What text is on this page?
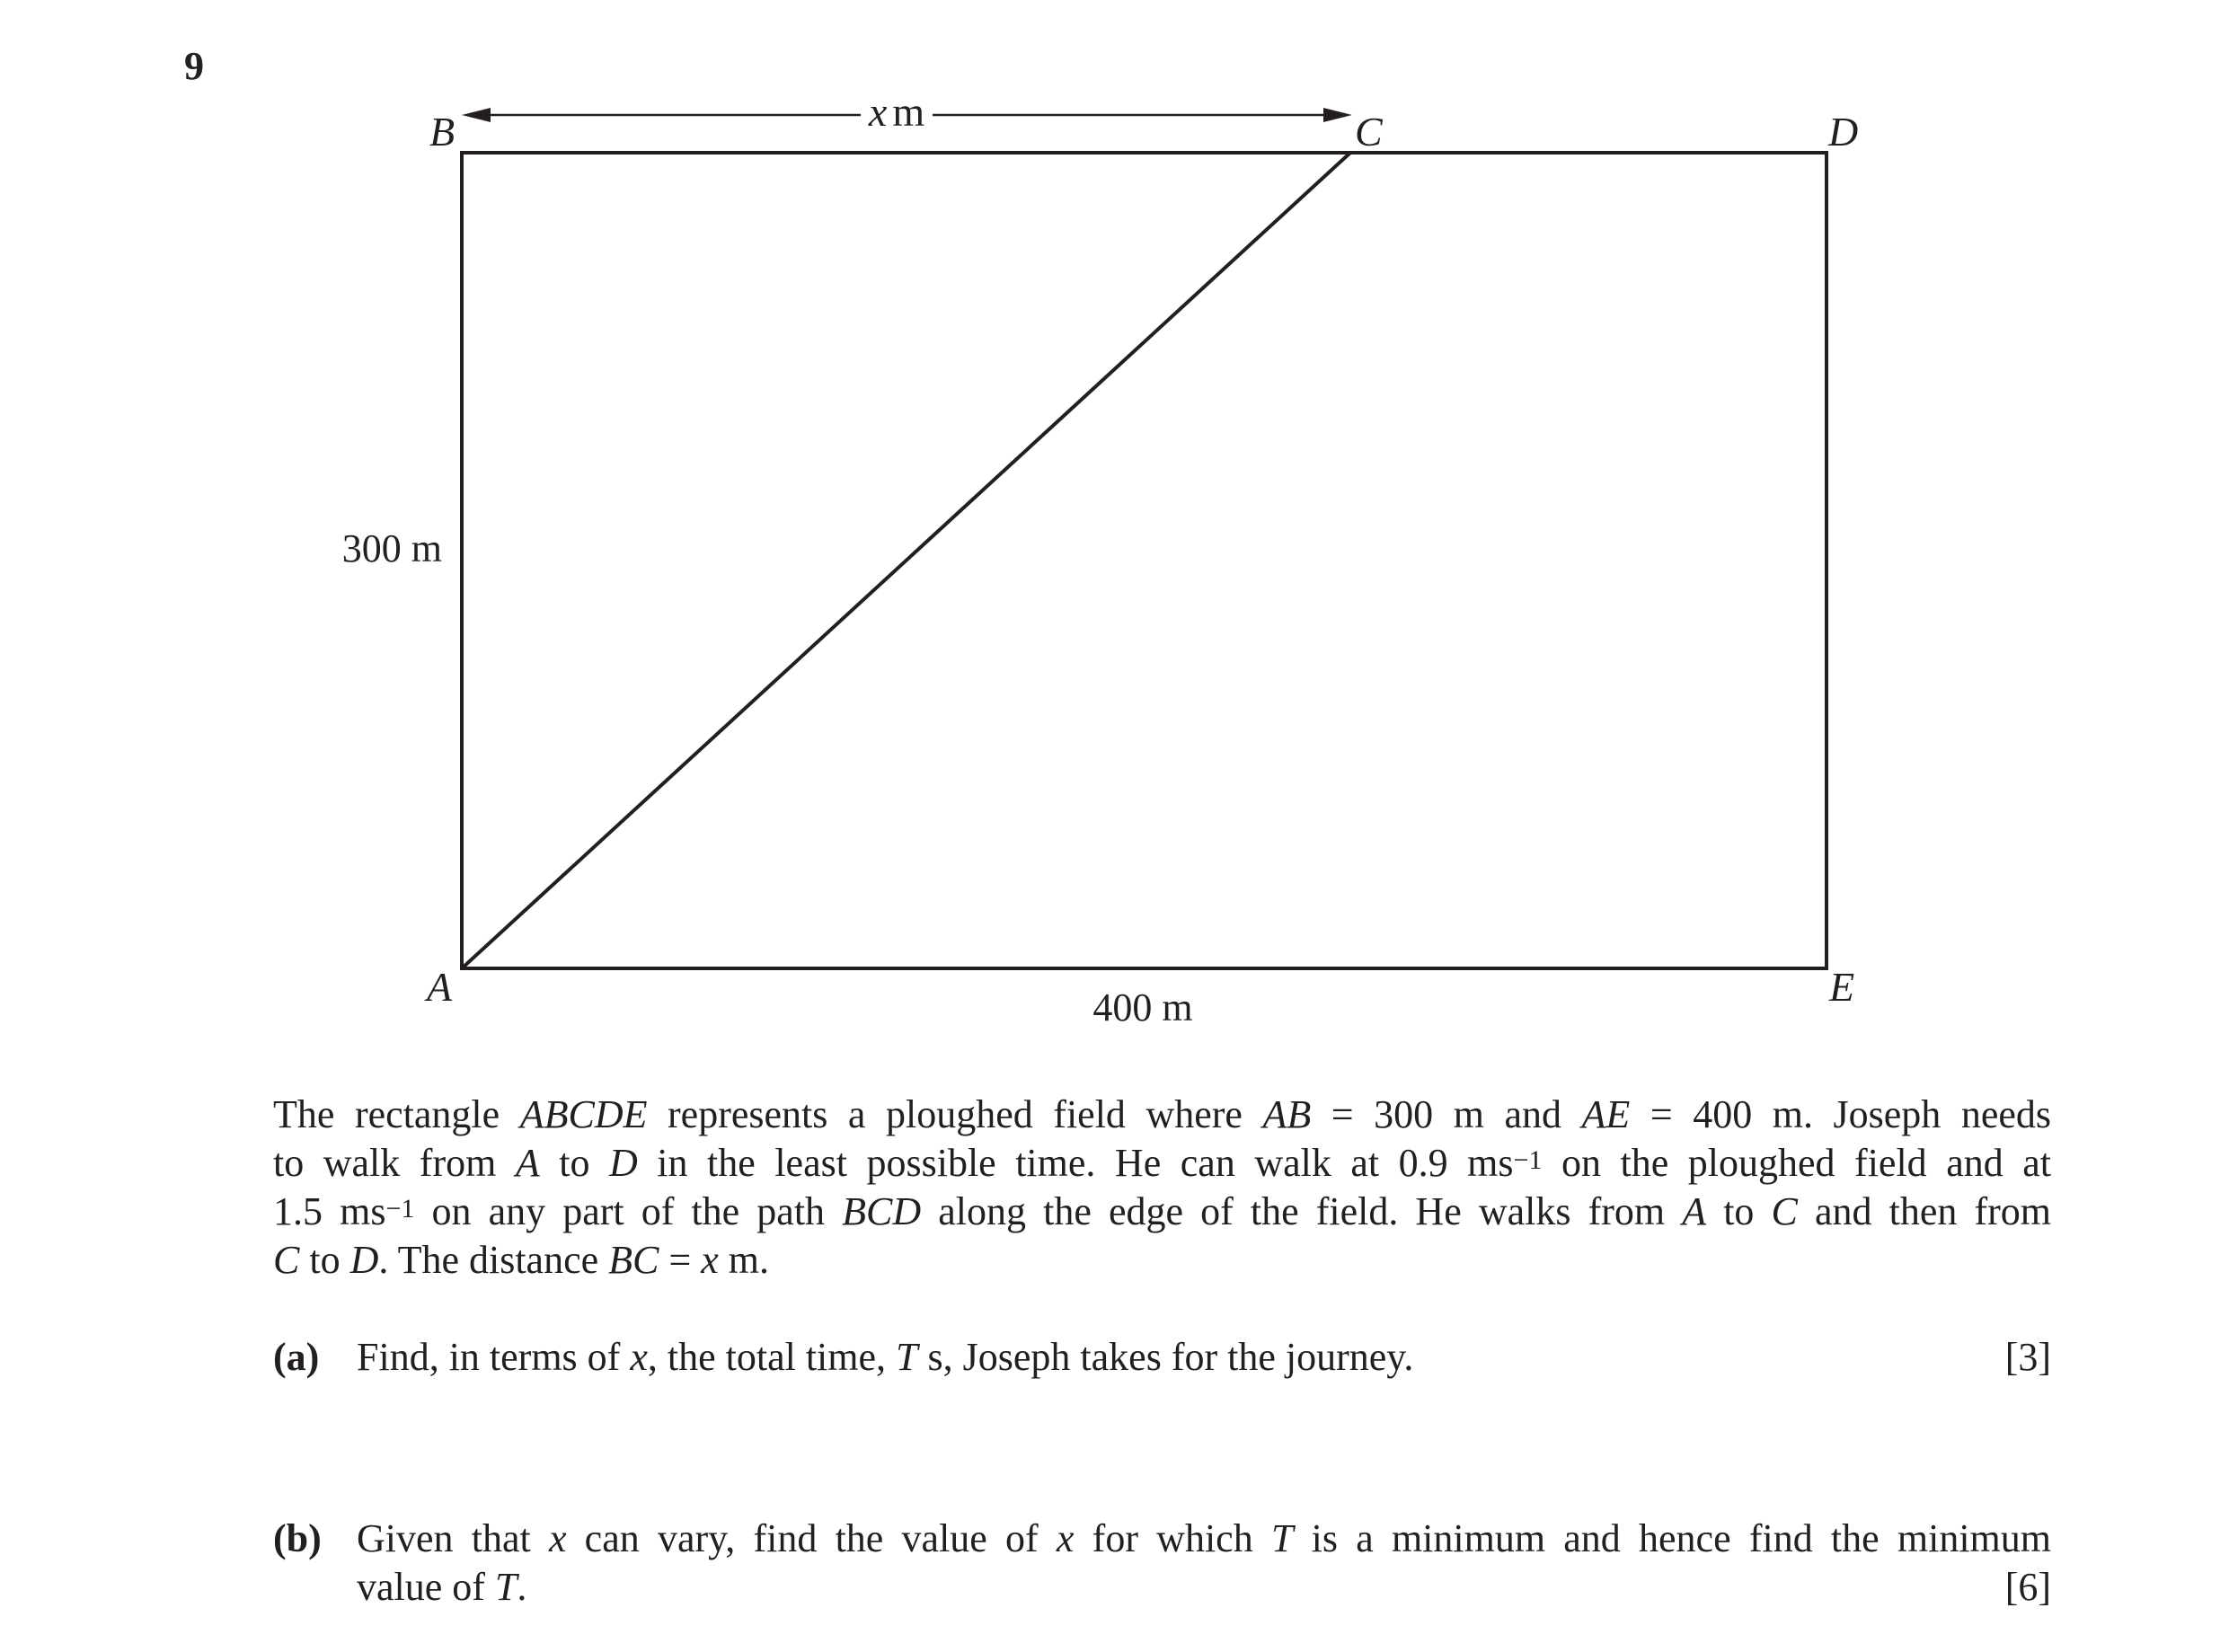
9
x m
B	C	D
A	E
300 m
400 m
The rectangle ABCDE represents a ploughed field where AB = 300 m and AE = 400 m. Joseph needs
to walk from A to D in the least possible time. He can walk at 0.9 $ms^{-1}$ on the ploughed field and at
1.5 $ms^{-1}$ on any part of the path BCD along the edge of the field. He walks from A to C and then from
C to D. The distance BC = x m.
(a) Find, in terms of x, the total time, T s, Joseph takes for the journey.	[3]
(b) Given that x can vary, find the value of x for which T is a minimum and hence find the minimum
value of T.	[6]
